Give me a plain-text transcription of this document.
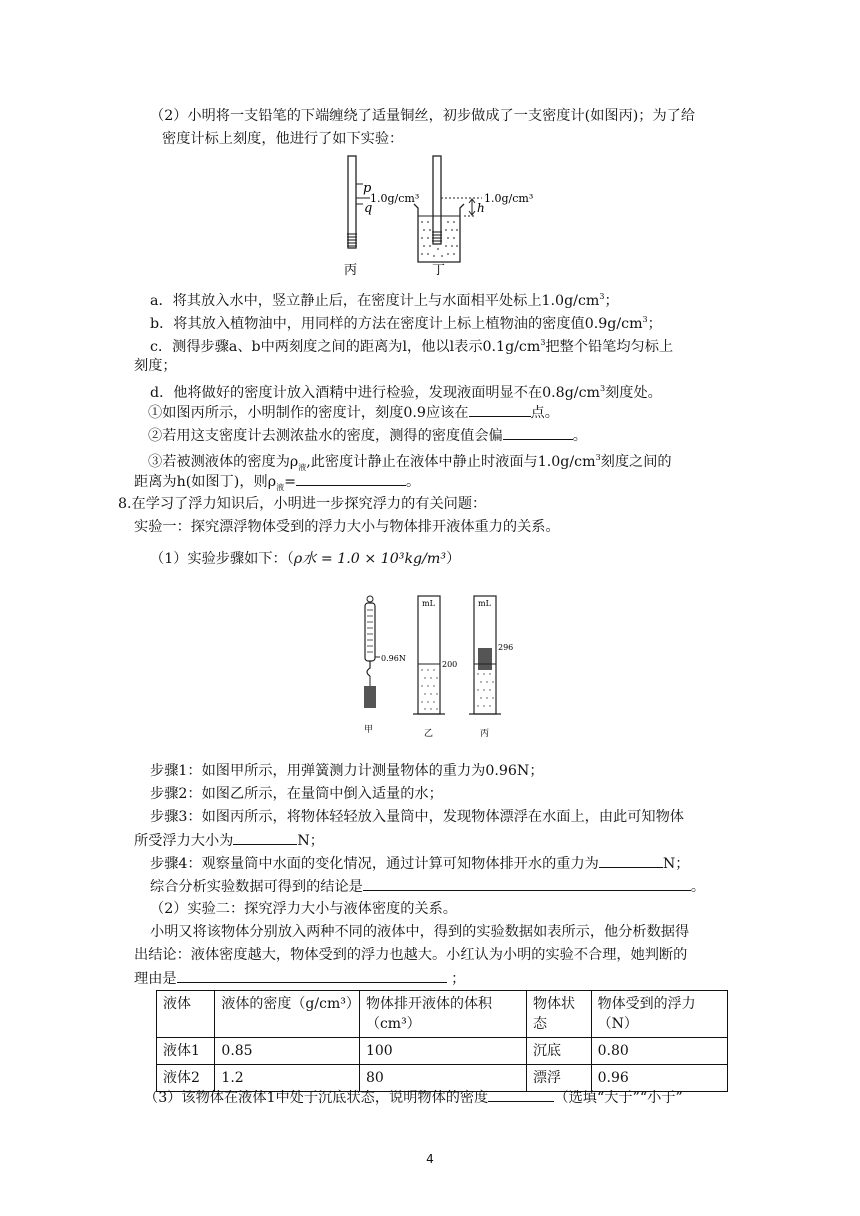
（2）小明将一支铅笔的下端缠绕了适量铜丝，初步做成了一支密度计(如图丙)；为了给
密度计标上刻度，他进行了如下实验：
p
q
1.0g/cm³
丙
h
1.0g/cm³
丁
a．将其放入水中，竖立静止后，在密度计上与水面相平处标上$1.0g/cm^3$；
b．将其放入植物油中，用同样的方法在密度计上标上植物油的密度值$0.9g/cm^3$；
c．测得步骤a、b中两刻度之间的距离为l，他以l表示$0.1g/cm^3$把整个铅笔均匀标上
刻度；
d．他将做好的密度计放入酒精中进行检验，发现液面明显不在$0.8g/cm^3$刻度处。
①如图丙所示，小明制作的密度计，刻度0.9应该在	点。
②若用这支密度计去测浓盐水的密度，测得的密度值会偏	。
③若被测液体的密度为$\rho_液$,此密度计静止在液体中静止时液面与$1.0g/cm^3$刻度之间的
距离为h(如图丁)，则$\rho_液=$	。
8.在学习了浮力知识后，小明进一步探究浮力的有关问题：
实验一：探究漂浮物体受到的浮力大小与物体排开液体重力的关系。
（1）实验步骤如下：（ρ水 = 1.0 × 10³kg/m³）
0.96N
甲
mL
200
乙
mL
296
丙
步骤1：如图甲所示，用弹簧测力计测量物体的重力为0.96N；
步骤2：如图乙所示，在量筒中倒入适量的水；
步骤3：如图丙所示，将物体轻轻放入量筒中，发现物体漂浮在水面上，由此可知物体
所受浮力大小为	N；
步骤4：观察量筒中水面的变化情况，通过计算可知物体排开水的重力为	N；
综合分析实验数据可得到的结论是	。
（2）实验二：探究浮力大小与液体密度的关系。
小明又将该物体分别放入两种不同的液体中，得到的实验数据如表所示，他分析数据得
出结论：液体密度越大，物体受到的浮力也越大。小红认为小明的实验不合理，她判断的
理由是	；
液体	液体的密度（g/cm³）	物体排开液体的体积（cm³）	物体状态	物体受到的浮力（N）
液体1	0.85	100	沉底	0.80
液体2	1.2	80	漂浮	0.96
（3）该物体在液体1中处于沉底状态，说明物体的密度	（选填“大于”“小于”
4
